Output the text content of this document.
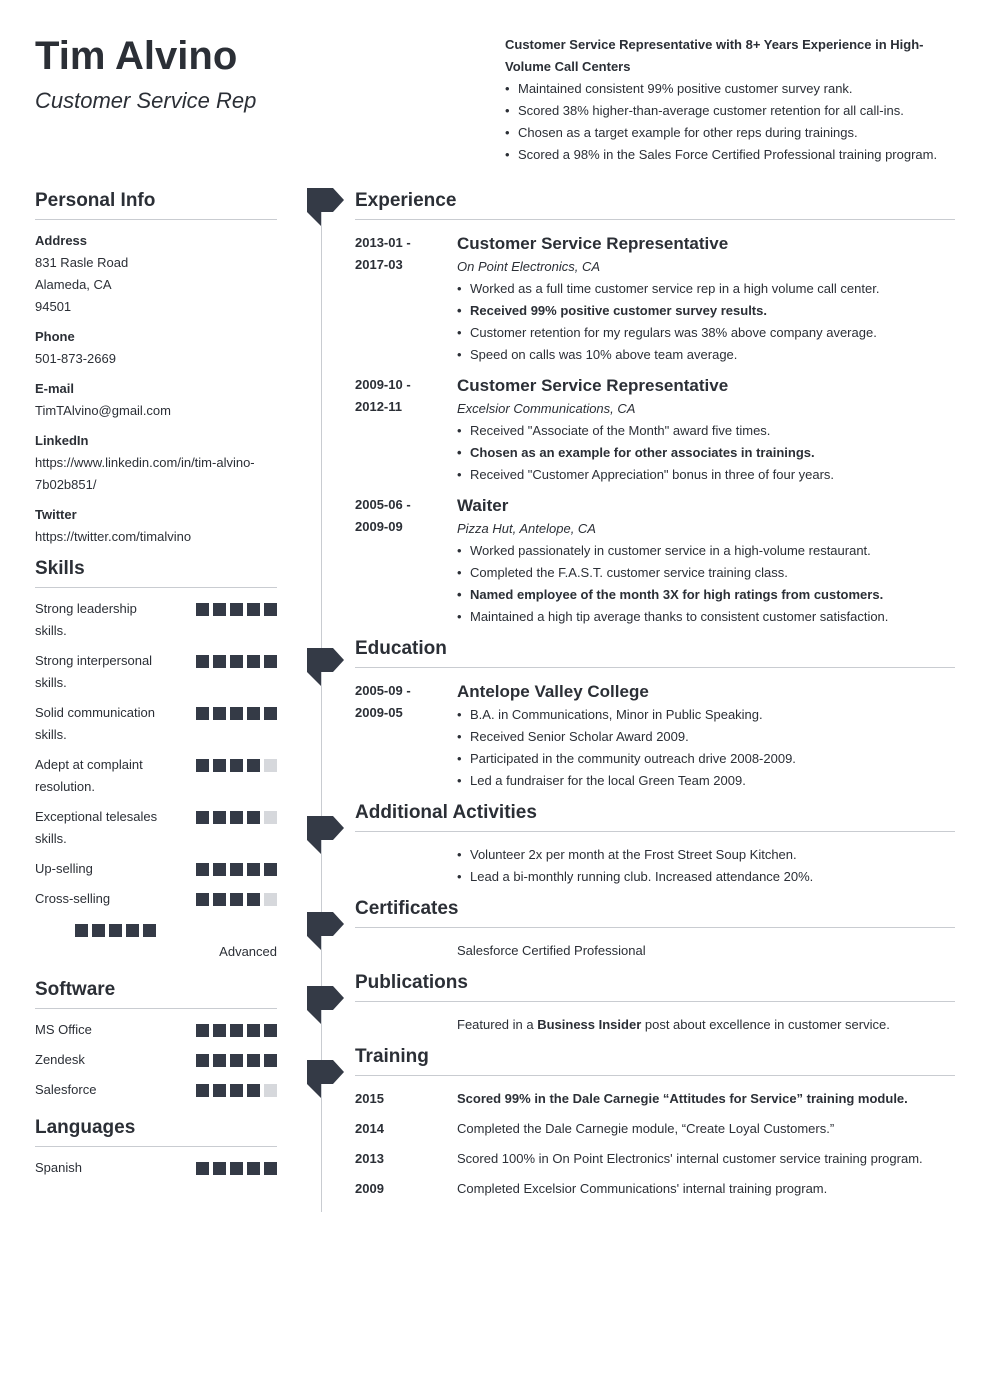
Tim Alvino
Customer Service Rep
Customer Service Representative with 8+ Years Experience in High-Volume Call Centers
• Maintained consistent 99% positive customer survey rank.
• Scored 38% higher-than-average customer retention for all call-ins.
• Chosen as a target example for other reps during trainings.
• Scored a 98% in the Sales Force Certified Professional training program.
Personal Info
Address
831 Rasle Road
Alameda, CA
94501
Phone
501-873-2669
E-mail
TimTAlvino@gmail.com
LinkedIn
https://www.linkedin.com/in/tim-alvino-
7b02b851/
Twitter
https://twitter.com/timalvino
Skills
Strong leadership skills.
Strong interpersonal skills.
Solid communication skills.
Adept at complaint resolution.
Exceptional telesales skills.
Up-selling
Cross-selling
Advanced
Software
MS Office
Zendesk
Salesforce
Languages
Spanish
Experience
2013-01 -
2017-03
Customer Service Representative
On Point Electronics, CA
• Worked as a full time customer service rep in a high volume call center.
• Received 99% positive customer survey results.
• Customer retention for my regulars was 38% above company average.
• Speed on calls was 10% above team average.
2009-10 -
2012-11
Customer Service Representative
Excelsior Communications, CA
• Received "Associate of the Month" award five times.
• Chosen as an example for other associates in trainings.
• Received "Customer Appreciation" bonus in three of four years.
2005-06 -
2009-09
Waiter
Pizza Hut, Antelope, CA
• Worked passionately in customer service in a high-volume restaurant.
• Completed the F.A.S.T. customer service training class.
• Named employee of the month 3X for high ratings from customers.
• Maintained a high tip average thanks to consistent customer satisfaction.
Education
2005-09 -
2009-05
Antelope Valley College
• B.A. in Communications, Minor in Public Speaking.
• Received Senior Scholar Award 2009.
• Participated in the community outreach drive 2008-2009.
• Led a fundraiser for the local Green Team 2009.
Additional Activities
• Volunteer 2x per month at the Frost Street Soup Kitchen.
• Lead a bi-monthly running club. Increased attendance 20%.
Certificates
Salesforce Certified Professional
Publications
Featured in a Business Insider post about excellence in customer service.
Training
2015	Scored 99% in the Dale Carnegie “Attitudes for Service” training module.
2014	Completed the Dale Carnegie module, “Create Loyal Customers.”
2013	Scored 100% in On Point Electronics' internal customer service training program.
2009	Completed Excelsior Communications' internal training program.
